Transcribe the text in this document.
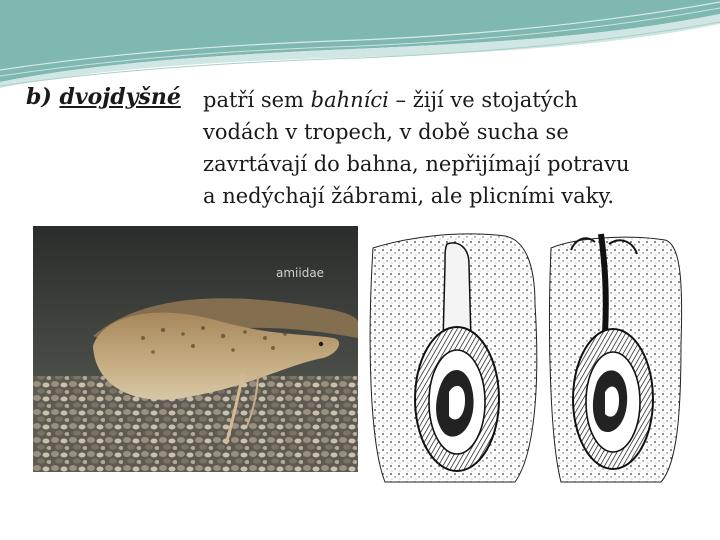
b) dvojdyšné patří sem bahníci – žijí ve stojatých

vodách v tropech, v době sucha se

zavrtávají do bahna, nepřijímají potravu

a nedýchají žábrami, ale plicními vaky.

amiidae
